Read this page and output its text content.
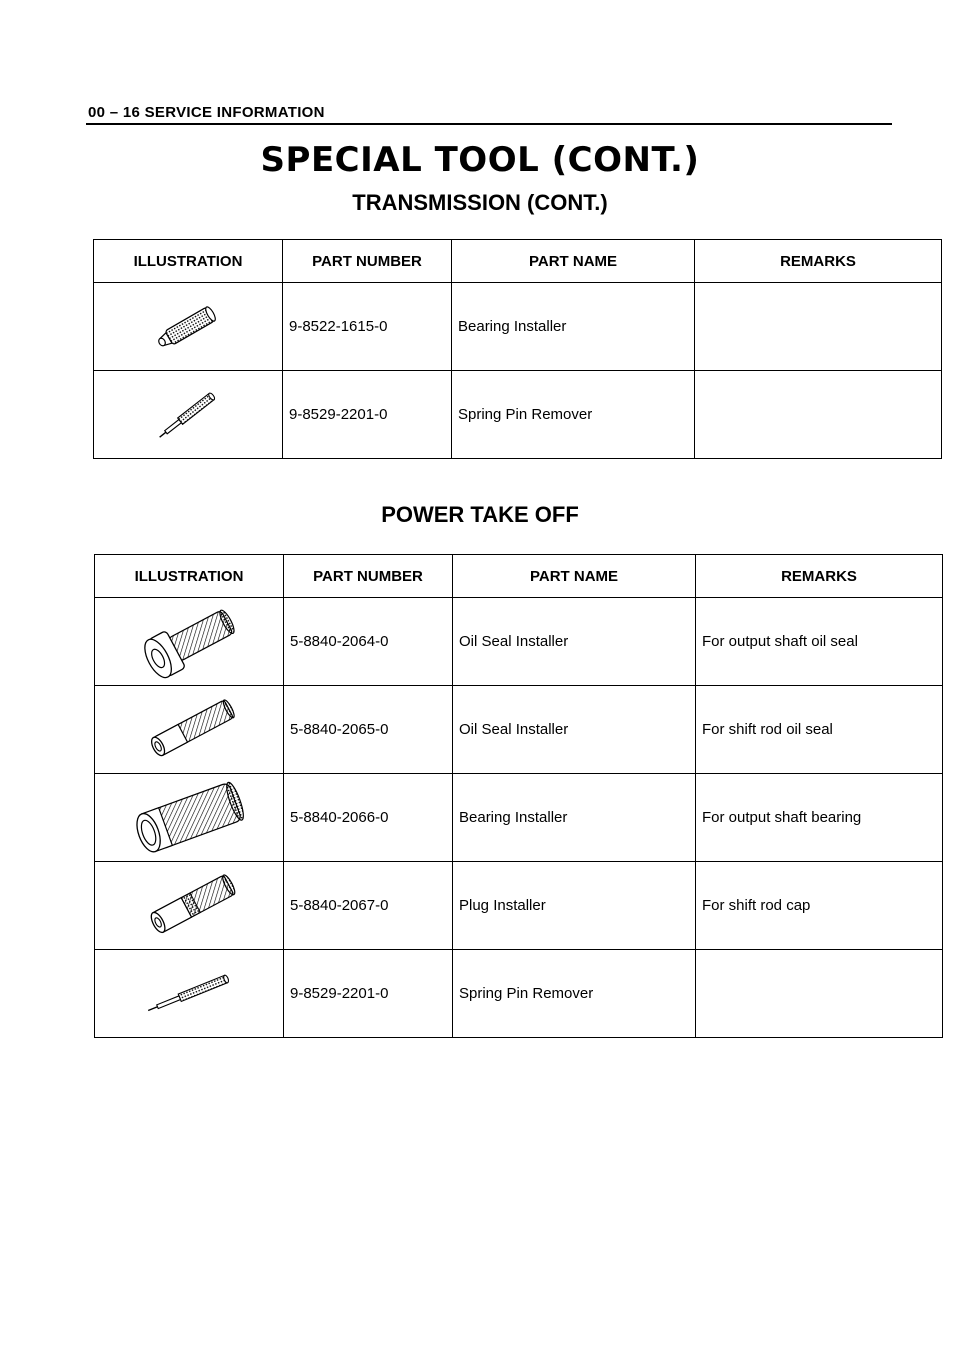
00 – 16 SERVICE INFORMATION
SPECIAL TOOL (CONT.)
TRANSMISSION (CONT.)
ILLUSTRATION	PART NUMBER	PART NAME	REMARKS

	9-8522-1615-0	Bearing Installer	

	9-8529-2201-0	Spring Pin Remover	
POWER TAKE OFF
ILLUSTRATION	PART NUMBER	PART NAME	REMARKS

	5-8840-2064-0	Oil Seal Installer	For output shaft oil seal

	5-8840-2065-0	Oil Seal Installer	For shift rod oil seal

	5-8840-2066-0	Bearing Installer	For output shaft bearing

	5-8840-2067-0	Plug Installer	For shift rod cap

	9-8529-2201-0	Spring Pin Remover	
